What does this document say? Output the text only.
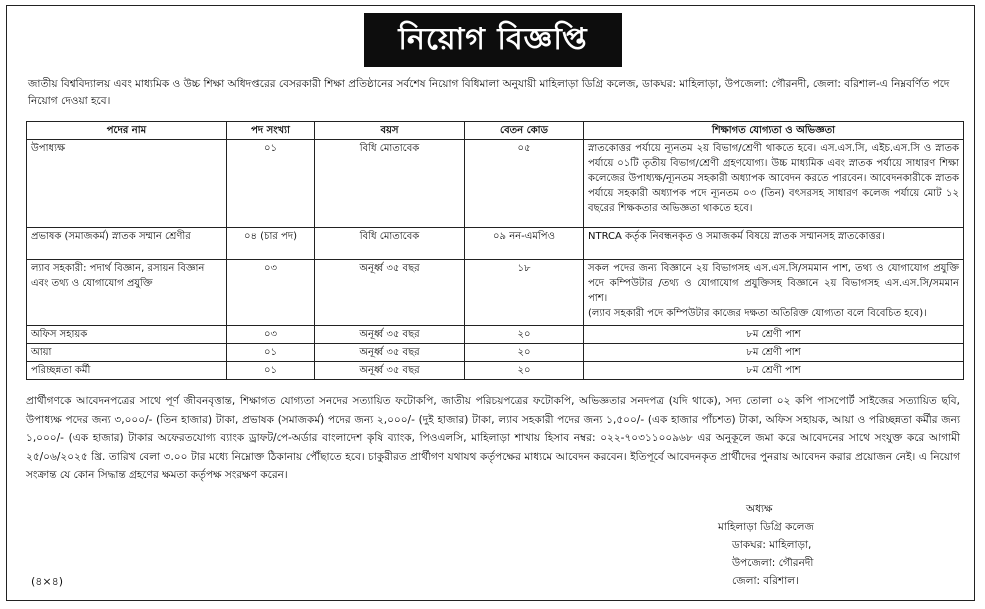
নিয়োগ বিজ্ঞপ্তি
জাতীয় বিশ্ববিদ্যালয় এবং মাধ্যমিক ও উচ্চ শিক্ষা অধিদপ্তরের বেসরকারী শিক্ষা প্রতিষ্ঠানের সর্বশেষ নিয়োগ বিধিমালা অনুযায়ী মাহিলাড়া ডিগ্রি কলেজ, ডাকঘর: মাহিলাড়া, উপজেলা: গৌরনদী, জেলা: বরিশাল-এ নিম্নবর্ণিত পদে নিয়োগ দেওয়া হবে।
পদের নাম	পদ সংখ্যা	বয়স	বেতন কোড	শিক্ষাগত যোগ্যতা ও অভিজ্ঞতা
উপাধ্যক্ষ	০১	বিধি মোতাবেক	০৫	স্নাতকোত্তর পর্যায়ে ন্যূনতম ২য় বিভাগ/শ্রেণী থাকতে হবে। এস.এস.সি, এইচ.এস.সি ও স্নাতক পর্যায়ে ০১টি তৃতীয় বিভাগ/শ্রেণী গ্রহণযোগ্য। উচ্চ মাধ্যমিক এবং স্নাতক পর্যায়ে সাধারণ শিক্ষা কলেজের উপাধ্যক্ষ/ন্যূনতম সহকারী অধ্যাপক আবেদন করতে পারবেন। আবেদনকারীকে স্নাতক পর্যায়ে সহকারী অধ্যাপক পদে ন্যূনতম ০৩ (তিন) বৎসরসহ সাধারণ কলেজ পর্যায়ে মোট ১২ বছরের শিক্ষকতার অভিজ্ঞতা থাকতে হবে।
প্রভাষক (সমাজকর্ম) স্নাতক সম্মান শ্রেণীর	০৪ (চার পদ)	বিধি মোতাবেক	০৯ নন-এমপিও	NTRCA কর্তৃক নিবন্ধনকৃত ও সমাজকর্ম বিষয়ে স্নাতক সম্মানসহ স্নাতকোত্তর।
ল্যাব সহকারী: পদার্থ বিজ্ঞান, রসায়ন বিজ্ঞান এবং তথ্য ও যোগাযোগ প্রযুক্তি	০৩	অনূর্ধ্ব ৩৫ বছর	১৮	সকল পদের জন্য বিজ্ঞানে ২য় বিভাগসহ এস.এস.সি/সমমান পাশ, তথ্য ও যোগাযোগ প্রযুক্তি পদে কম্পিউটার /তথ্য ও যোগাযোগ প্রযুক্তিসহ বিজ্ঞানে ২য় বিভাগসহ এস.এস.সি/সমমান পাশ।
(ল্যাব সহকারী পদে কম্পিউটার কাজের দক্ষতা অতিরিক্ত যোগ্যতা বলে বিবেচিত হবে)।

অফিস সহায়ক	০৩	অনূর্ধ্ব ৩৫ বছর	২০	৮ম শ্রেণী পাশ
আয়া	০১	অনূর্ধ্ব ৩৫ বছর	২০	৮ম শ্রেণী পাশ
পরিচ্ছন্নতা কর্মী	০১	অনূর্ধ্ব ৩৫ বছর	২০	৮ম শ্রেণী পাশ
প্রার্থীগণকে আবেদনপত্রের সাথে পূর্ণ জীবনবৃত্তান্ত, শিক্ষাগত যোগ্যতা সনদের সত্যায়িত ফটোকপি, জাতীয় পরিচয়পত্রের ফটোকপি, অভিজ্ঞতার সনদপত্র (যদি থাকে), সদ্য তোলা ০২ কপি পাসপোর্ট সাইজের সত্যায়িত ছবি, উপাধ্যক্ষ পদের জন্য ৩,০০০/- (তিন হাজার) টাকা, প্রভাষক (সমাজকর্ম) পদের জন্য ২,০০০/- (দুই হাজার) টাকা, ল্যাব সহকারী পদের জন্য ১,৫০০/- (এক হাজার পাঁচশত) টাকা, অফিস সহায়ক, আয়া ও পরিচ্ছন্নতা কর্মীর জন্য ১,০০০/- (এক হাজার) টাকার অফেরতযোগ্য ব্যাংক ড্রাফট/পে-অর্ডার বাংলাদেশ কৃষি ব্যাংক, পিওএলসি, মাহিলাড়া শাখায় হিসাব নম্বর: ০২২-৭০৩১১০০৯৬৮ এর অনুকূলে জমা করে আবেদনের সাথে সংযুক্ত করে আগামী ২৫/০৬/২০২৫ খ্রি. তারিখ বেলা ৩.০০ টার মধ্যে নিম্নোক্ত ঠিকানায় পৌঁছাতে হবে। চাকুরীরত প্রার্থীগণ যথাযথ কর্তৃপক্ষের মাধ্যমে আবেদন করবেন। ইতিপূর্বে আবেদনকৃত প্রার্থীদের পুনরায় আবেদন করার প্রয়োজন নেই। এ নিয়োগ সংক্রান্ত যে কোন সিদ্ধান্ত গ্রহণের ক্ষমতা কর্তৃপক্ষ সংরক্ষণ করেন।
অধ্যক্ষ
মাহিলাড়া ডিগ্রি কলেজ
ডাকঘর: মাহিলাড়া,
উপজেলা: গৌরনদী
জেলা: বরিশাল।
(৪×৪)
